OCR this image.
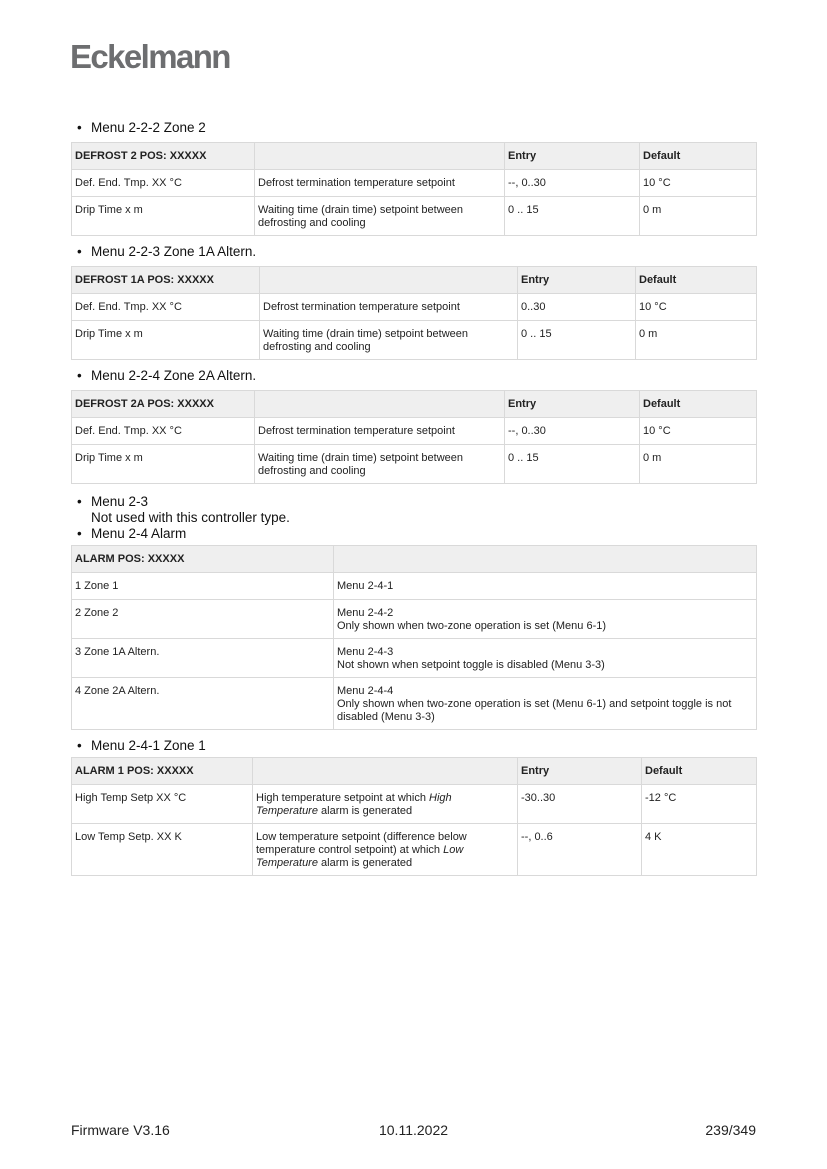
Eckelmann
• Menu 2-2-2 Zone 2
DEFROST 2 POS: XXXXX		Entry	Default
Def. End. Tmp. XX °C	Defrost termination temperature setpoint	--, 0..30	10 °C
Drip Time x m	Waiting time (drain time) setpoint between defrosting and cooling	0 .. 15	0 m
• Menu 2-2-3 Zone 1A Altern.
DEFROST 1A POS: XXXXX		Entry	Default
Def. End. Tmp. XX °C	Defrost termination temperature setpoint	0..30	10 °C
Drip Time x m	Waiting time (drain time) setpoint between defrosting and cooling	0 .. 15	0 m
• Menu 2-2-4 Zone 2A Altern.
DEFROST 2A POS: XXXXX		Entry	Default
Def. End. Tmp. XX °C	Defrost termination temperature setpoint	--, 0..30	10 °C
Drip Time x m	Waiting time (drain time) setpoint between defrosting and cooling	0 .. 15	0 m
• Menu 2-3
Not used with this controller type.
• Menu 2-4 Alarm
ALARM POS: XXXXX	
1 Zone 1	Menu 2-4-1

2 Zone 2	Menu 2-4-2
Only shown when two-zone operation is set (Menu 6-1)

3 Zone 1A Altern.	Menu 2-4-3
Not shown when setpoint toggle is disabled (Menu 3-3)

4 Zone 2A Altern.	Menu 2-4-4
Only shown when two-zone operation is set (Menu 6-1) and setpoint toggle is not disabled (Menu 3-3)
• Menu 2-4-1 Zone 1
ALARM 1 POS: XXXXX		Entry	Default
High Temp Setp XX °C	High temperature setpoint at which High Temperature alarm is generated	-30..30	-12 °C
Low Temp Setp. XX K	Low temperature setpoint (difference below temperature control setpoint) at which Low Temperature alarm is generated	--, 0..6	4 K
Firmware V3.16	10.11.2022	239/349
